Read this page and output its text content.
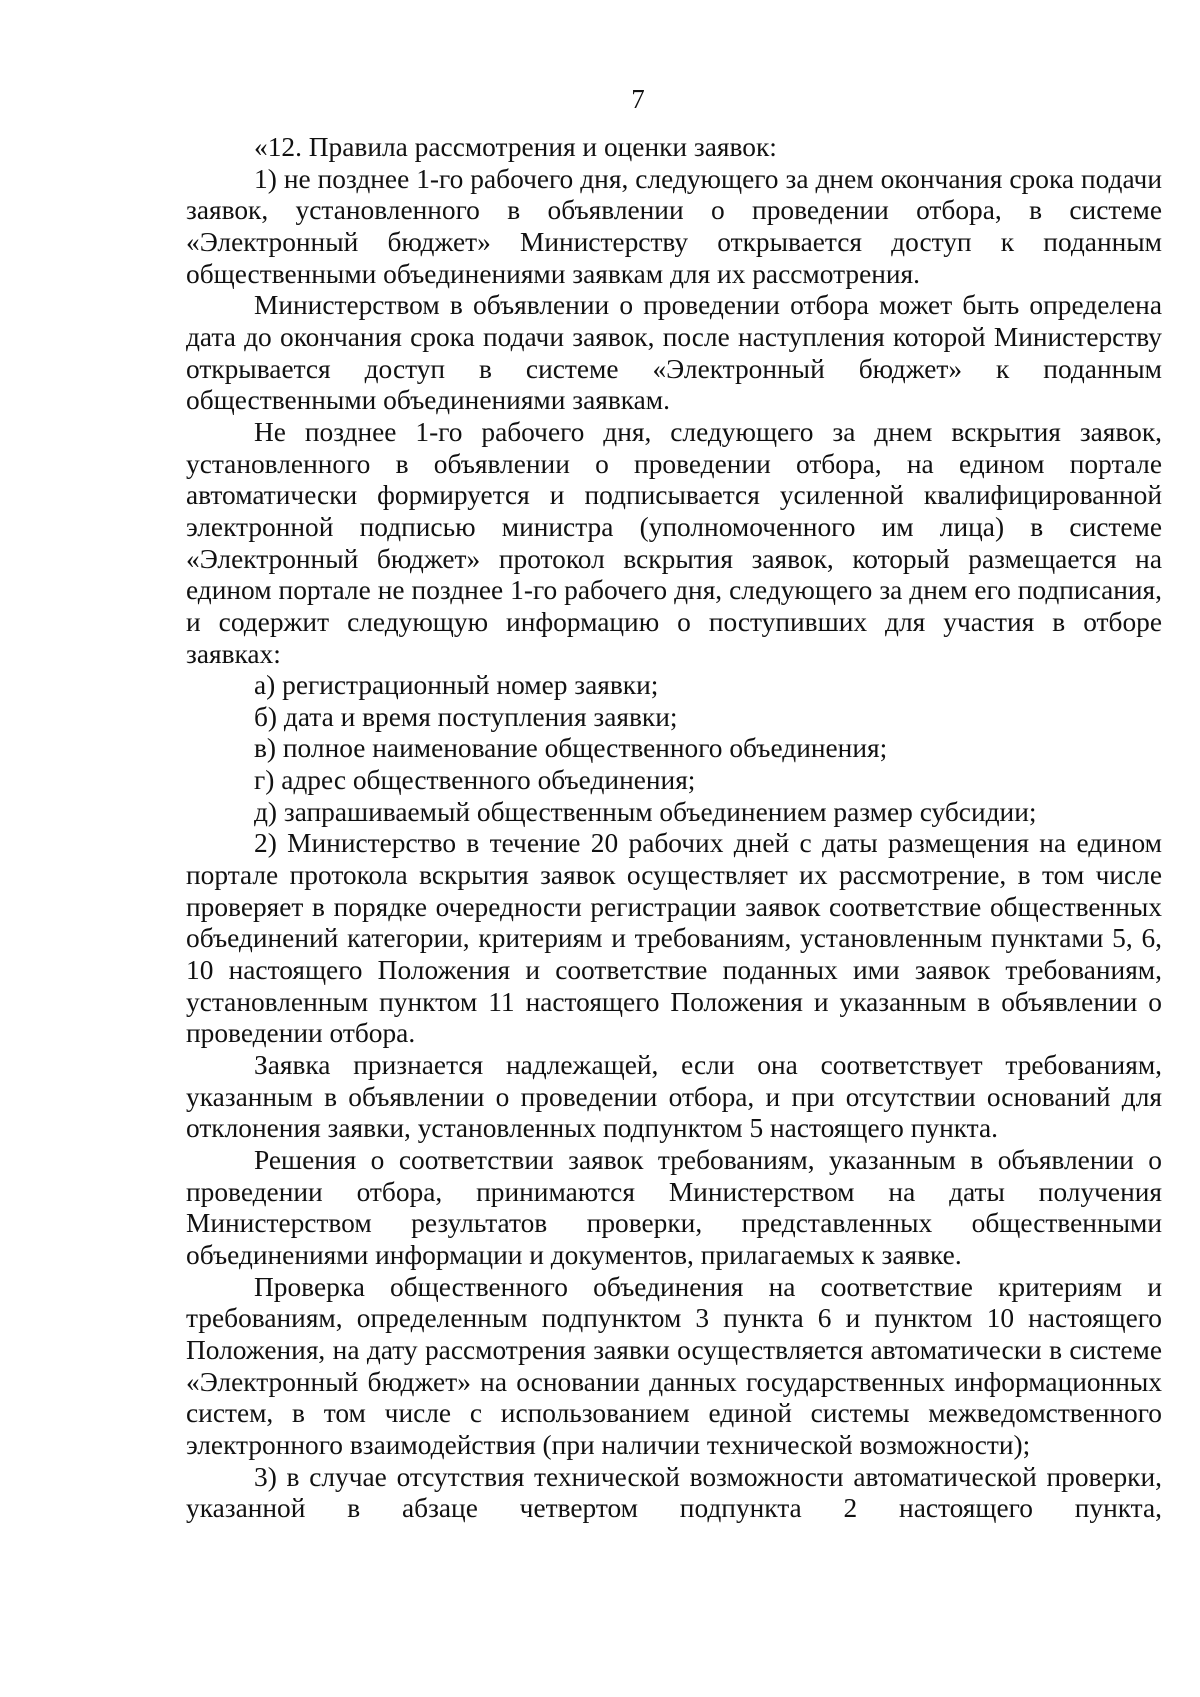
7

«12. Правила рассмотрения и оценки заявок:

1) не позднее 1-го рабочего дня, следующего за днем окончания срока подачи заявок, установленного в объявлении о проведении отбора, в системе «Электронный бюджет» Министерству открывается доступ к поданным общественными объединениями заявкам для их рассмотрения.

Министерством в объявлении о проведении отбора может быть определена дата до окончания срока подачи заявок, после наступления которой Министерству открывается доступ в системе «Электронный бюджет» к поданным общественными объединениями заявкам.

Не позднее 1-го рабочего дня, следующего за днем вскрытия заявок, установленного в объявлении о проведении отбора, на едином портале автоматически формируется и подписывается усиленной квалифицированной электронной подписью министра (уполномоченного им лица) в системе «Электронный бюджет» протокол вскрытия заявок, который размещается на едином портале не позднее 1-го рабочего дня, следующего за днем его подписания, и содержит следующую информацию о поступивших для участия в отборе заявках:

а) регистрационный номер заявки;

б) дата и время поступления заявки;

в) полное наименование общественного объединения;

г) адрес общественного объединения;

д) запрашиваемый общественным объединением размер субсидии;

2) Министерство в течение 20 рабочих дней с даты размещения на едином портале протокола вскрытия заявок осуществляет их рассмотрение, в том числе проверяет в порядке очередности регистрации заявок соответствие общественных объединений категории, критериям и требованиям, установленным пунктами 5, 6, 10 настоящего Положения и соответствие поданных ими заявок требованиям, установленным пунктом 11 настоящего Положения и указанным в объявлении о проведении отбора.

Заявка признается надлежащей, если она соответствует требованиям, указанным в объявлении о проведении отбора, и при отсутствии оснований для отклонения заявки, установленных подпунктом 5 настоящего пункта.

Решения о соответствии заявок требованиям, указанным в объявлении о проведении отбора, принимаются Министерством на даты получения Министерством результатов проверки, представленных общественными объединениями информации и документов, прилагаемых к заявке.

Проверка общественного объединения на соответствие критериям и требованиям, определенным подпунктом 3 пункта 6 и пунктом 10 настоящего Положения, на дату рассмотрения заявки осуществляется автоматически в системе «Электронный бюджет» на основании данных государственных информационных систем, в том числе с использованием единой системы межведомственного электронного взаимодействия (при наличии технической возможности);

3) в случае отсутствия технической возможности автоматической проверки, указанной в абзаце четвертом подпункта 2 настоящего пункта,
